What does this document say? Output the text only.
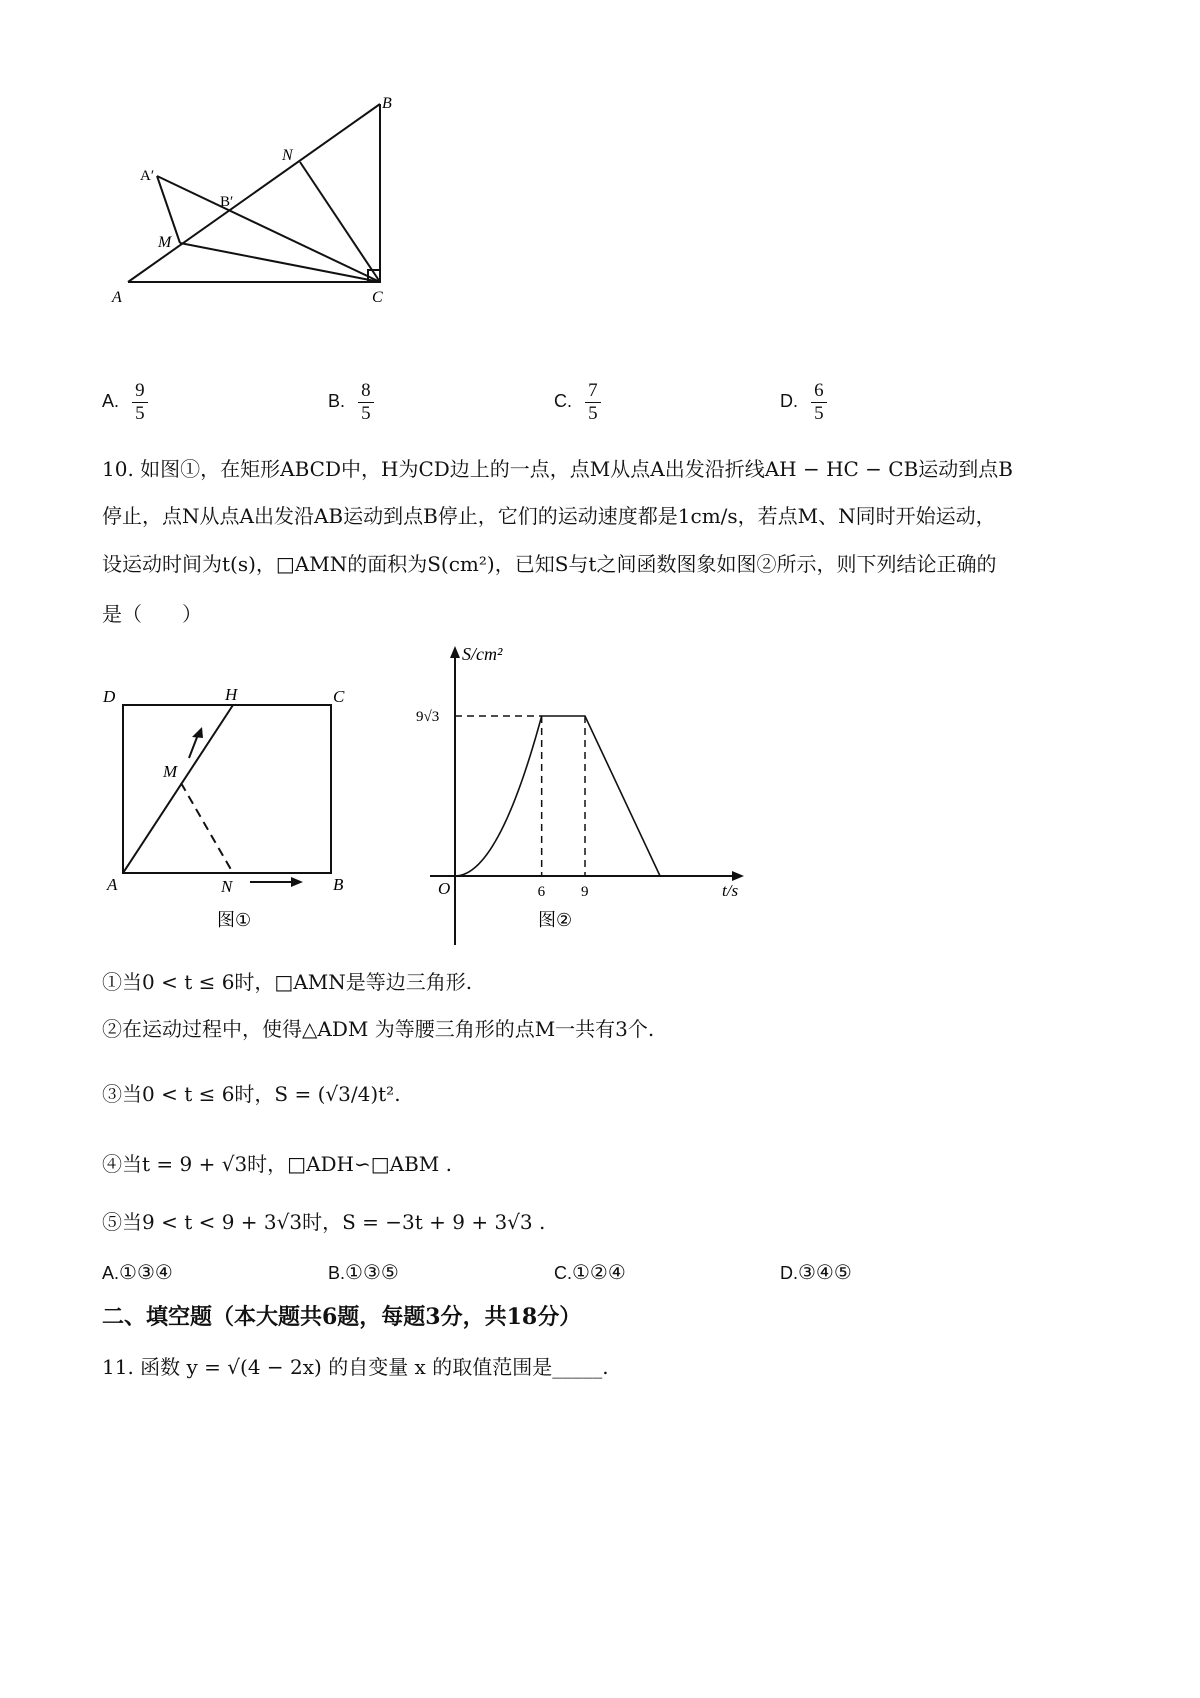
B
N
A′
B′
M
A	C
A. $\frac{9}{5}$	B. $\frac{8}{5}$	C. $\frac{7}{5}$	D. $\frac{6}{5}$
10. 如图①，在矩形ABCD中，H为CD边上的一点，点M从点A出发沿折线AH − HC − CB运动到点B
停止，点N从点A出发沿AB运动到点B停止，它们的运动速度都是1cm/s，若点M、N同时开始运动，
设运动时间为t(s)，□AMN的面积为S(cm²)，已知S与t之间函数图象如图②所示，则下列结论正确的
是（　　）
D	H	C
M
A	N	B
图①
S/cm²
t/s
O
9√3
6 9
图②
①当0 < t ≤ 6时，□AMN是等边三角形.
②在运动过程中，使得△ADM 为等腰三角形的点M一共有3个.
③当0 < t ≤ 6时，S = (√3/4)t².
④当t = 9 + √3时，□ADH∽□ABM .
⑤当9 < t < 9 + 3√3时，S = −3t + 9 + 3√3 .
A.①③④	B.①③⑤	C.①②④	D.③④⑤
二、填空题（本大题共6题，每题3分，共18分）
11. 函数 y = √(4 − 2x) 的自变量 x 的取值范围是_____.
